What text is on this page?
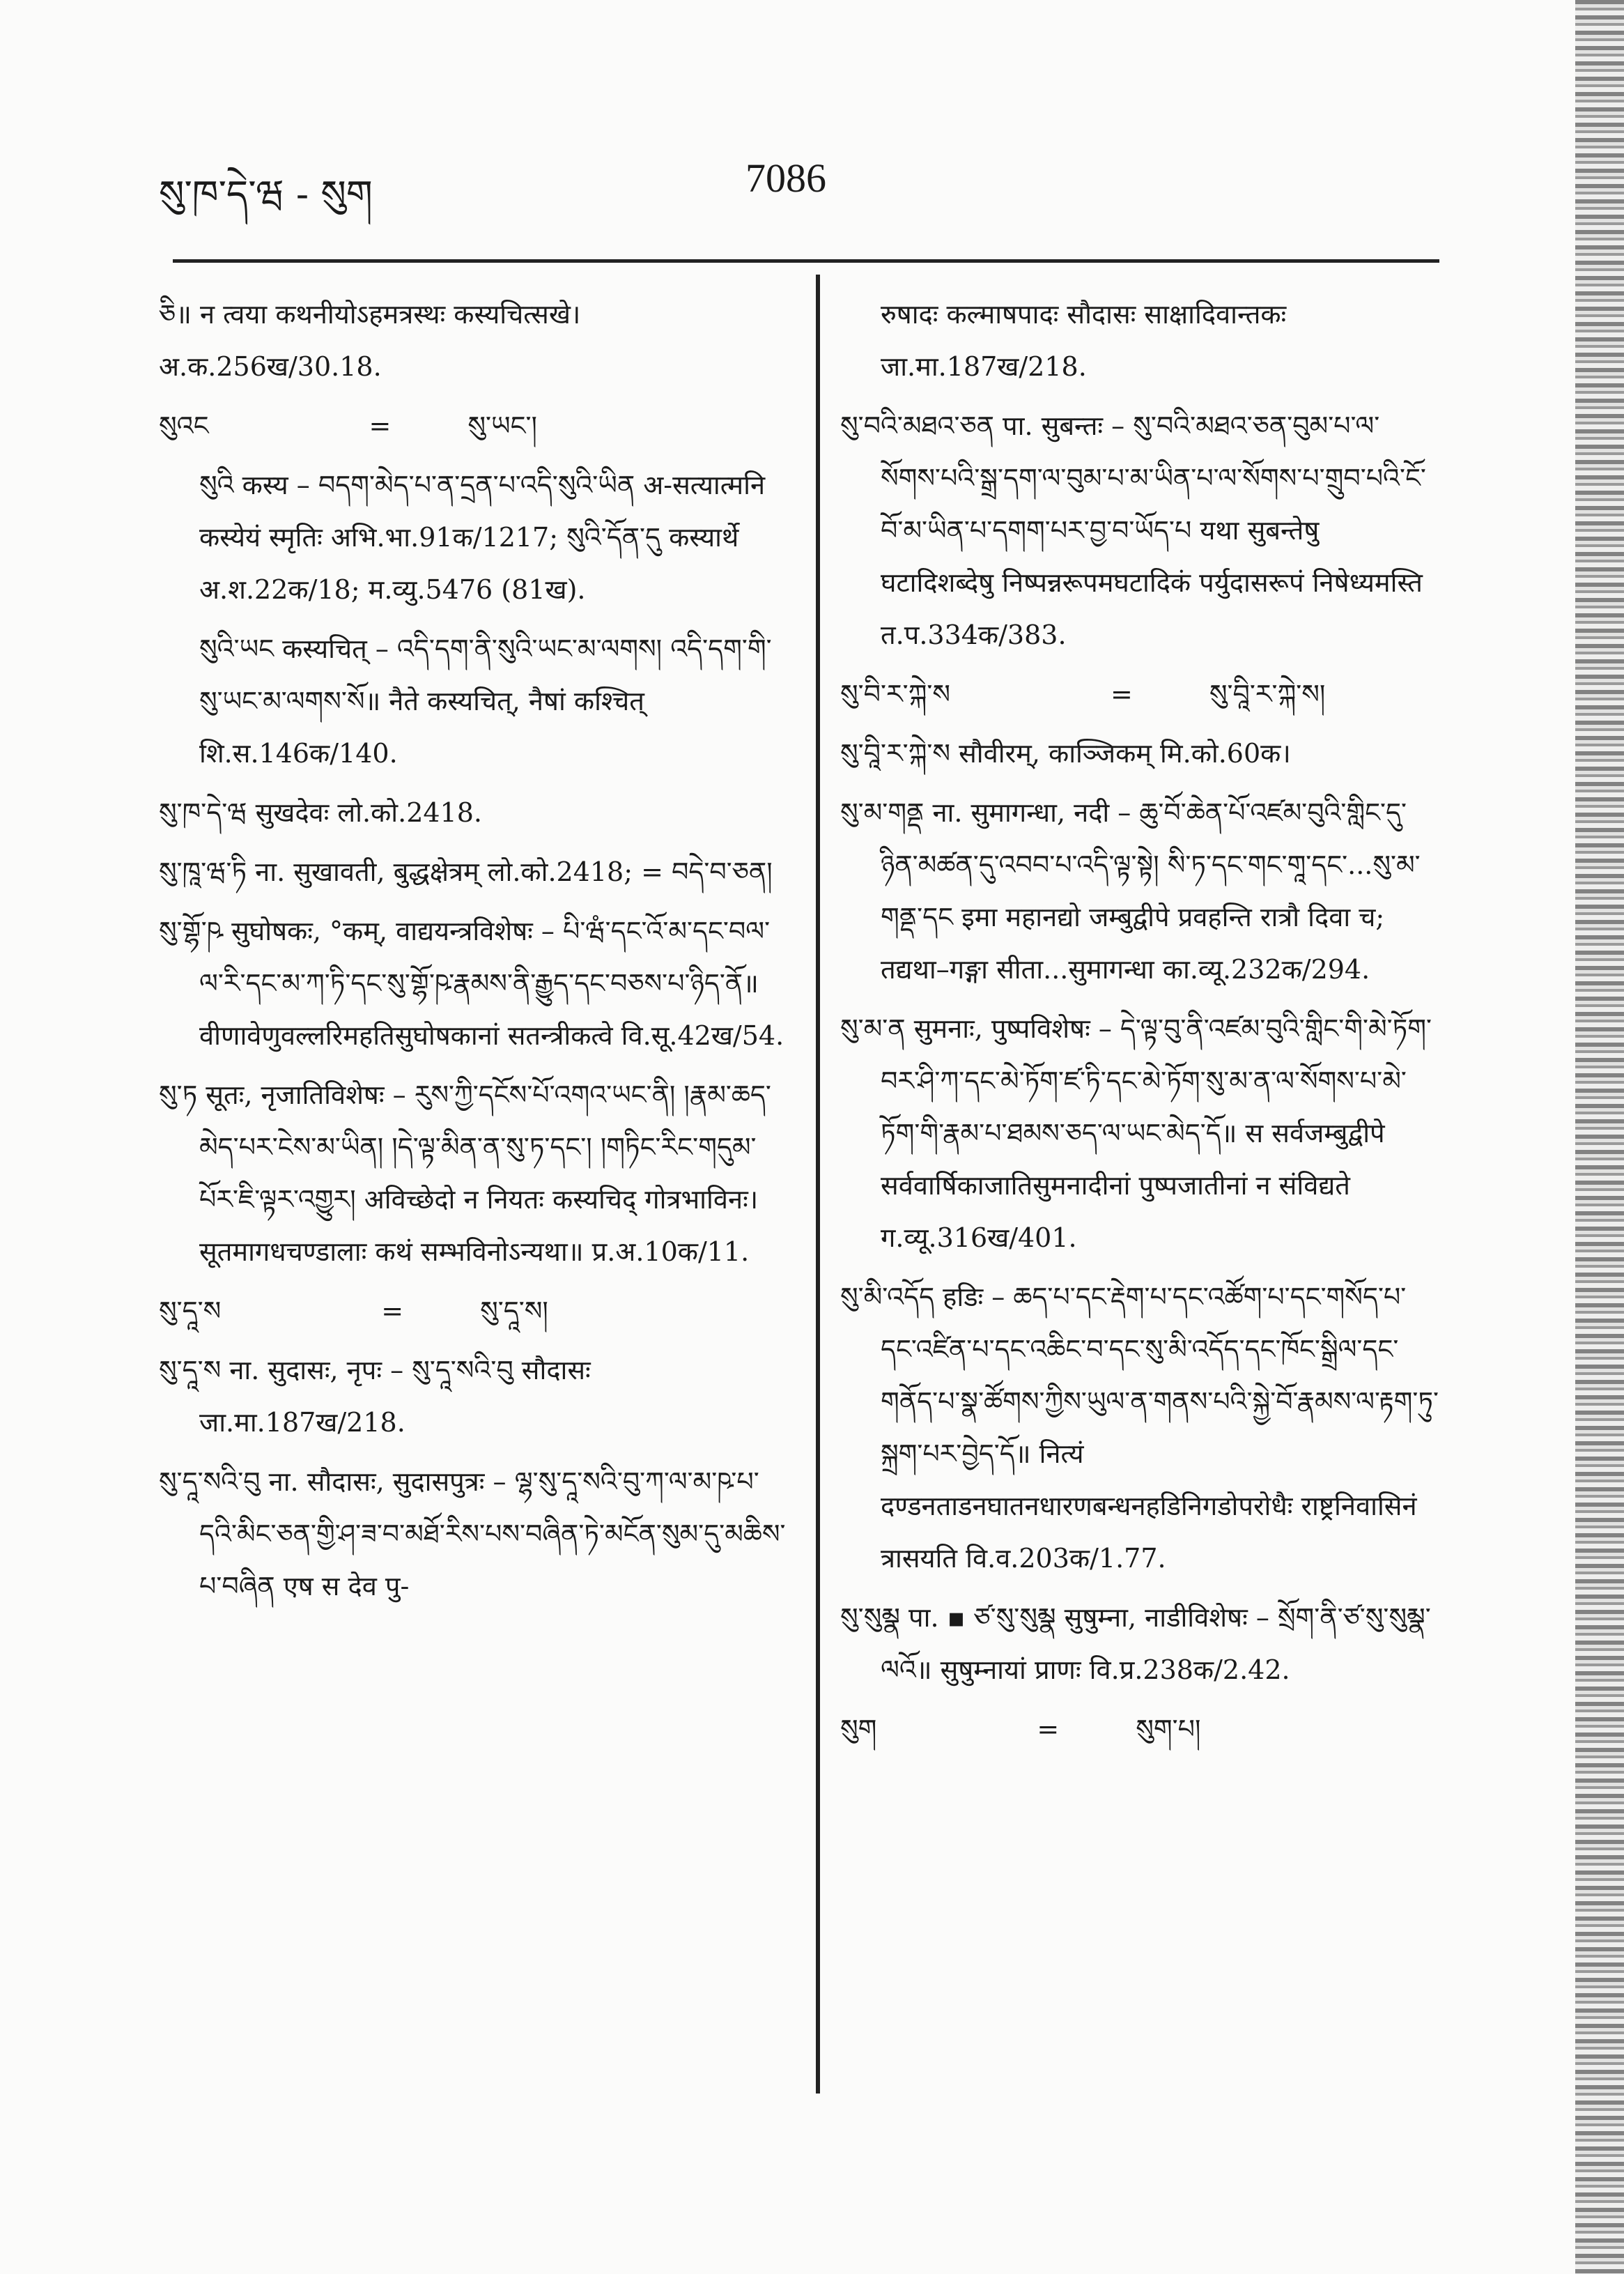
སུ་ཁ་དེ་ཝ - སུག	7086
ཅི॥ न त्वया कथनीयोऽहमत्रस्थः कस्यचित्सखे। अ.क.256ख/30.18.
སུའང	=	སུ་ཡང་།
སུའི कस्य – བདག་མེད་པ་ན་དྲན་པ་འདི་སུའི་ཡིན अ-सत्यात्मनि कस्येयं स्मृतिः अभि.भा.91क/1217; སུའི་དོན་དུ कस्यार्थे अ.श.22क/18; म.व्यु.5476 (81ख).
སུའི་ཡང कस्यचित् – འདི་དག་ནི་སུའི་ཡང་མ་ལགས། འདི་དག་གི་སུ་ཡང་མ་ལགས་སོ॥ नैते कस्यचित्, नैषां कश्चित् शि.स.146क/140.
སུ་ཁ་དེ་ཝ सुखदेवः लो.को.2418.
སུ་ཁཱ་ཝ་ཏི ना. सुखावती, बुद्धक्षेत्रम् लो.को.2418; = བདེ་བ་ཅན།
སུ་གྷོ་ཥ सुघोषकः, °कम्, वाद्ययन्त्रविशेषः – པི་ཝཾ་དང་འོ་མ་དང་བལ་ལ་རི་དང་མ་ཀ་ཏི་དང་སུ་གྷོ་ཥ་རྣམས་ནི་རྒྱུད་དང་བཅས་པ་ཉིད་ནོ॥ वीणावेणुवल्लरिमहतिसुघोषकानां सतन्त्रीकत्वे वि.सू.42ख/54.
སུ་ཏ सूतः, नृजातिविशेषः – རུས་ཀྱི་དངོས་པོ་འགའ་ཡང་ནི། །རྣམ་ཆད་མེད་པར་ངེས་མ་ཡིན། །དེ་ལྟ་མིན་ན་སུ་ཏ་དང་། །གཏིང་རིང་གདུམ་པོར་ཇི་ལྟར་འགྱུར། अविच्छेदो न नियतः कस्यचिद् गोत्रभाविनः। सूतमागधचण्डालाः कथं सम्भविनोऽन्यथा॥ प्र.अ.10क/11.
སུ་དཱ་ས	=	སུ་དཱ་ས།
སུ་དཱ་ས ना. सुदासः, नृपः – སུ་དཱ་སའི་བུ सौदासः जा.मा.187ख/218.
སུ་དཱ་སའི་བུ ना. सौदासः, सुदासपुत्रः – ལྷ་སུ་དཱ་སའི་བུ་ཀ་ལ་མ་ཥ་པ་དའི་མིང་ཅན་གྱི་ཤ་ཟ་བ་མཐོ་རིས་པས་བཞིན་ཏེ་མངོན་སུམ་དུ་མཆིས་པ་བཞིན एष स देव पु-
रुषादः कल्माषपादः सौदासः साक्षादिवान्तकः जा.मा.187ख/218.
སུ་བའི་མཐའ་ཅན पा. सुबन्तः – སུ་བའི་མཐའ་ཅན་བུམ་པ་ལ་སོགས་པའི་སྒྲ་དག་ལ་བུམ་པ་མ་ཡིན་པ་ལ་སོགས་པ་གྲུབ་པའི་ངོ་བོ་མ་ཡིན་པ་དགག་པར་བྱ་བ་ཡོད་པ यथा सुबन्तेषु घटादिशब्देषु निष्पन्नरूपमघटादिकं पर्युदासरूपं निषेध्यमस्ति त.प.334क/383.
སུ་བི་ར་ཀྐེ་ས	=	སུ་བཱི་ར་ཀྐེ་ས།
སུ་བཱི་ར་ཀྐེ་ས सौवीरम्, काञ्जिकम् मि.को.60क।
སུ་མ་གནྡ ना. सुमागन्धा, नदी – ཆུ་བོ་ཆེན་པོ་འཛམ་བུའི་གླིང་དུ་ཉིན་མཚན་དུ་འབབ་པ་འདི་ལྟ་སྟེ། སི་ཏ་དང་གང་གཱ་དང་...སུ་མ་གནྡ་དང इमा महानद्यो जम्बुद्वीपे प्रवहन्ति रात्रौ दिवा च; तद्यथा–गङ्गा सीता...सुमागन्धा का.व्यू.232क/294.
སུ་མ་ན सुमनाः, पुष्पविशेषः – དེ་ལྟ་བུ་ནི་འཛམ་བུའི་གླིང་གི་མེ་ཏོག་བར་ཤི་ཀ་དང་མེ་ཏོག་ཛ་ཏི་དང་མེ་ཏོག་སུ་མ་ན་ལ་སོགས་པ་མེ་ཏོག་གི་རྣམ་པ་ཐམས་ཅད་ལ་ཡང་མེད་དོ॥ स सर्वजम्बुद्वीपे सर्ववार्षिकाजातिसुमनादीनां पुष्पजातीनां न संविद्यते ग.व्यू.316ख/401.
སུ་མི་འདོད हडिः – ཆད་པ་དང་རྡེག་པ་དང་འཚོག་པ་དང་གསོད་པ་དང་འཛིན་པ་དང་འཆིང་བ་དང་སུ་མི་འདོད་དང་ཁོང་སྒྲིལ་དང་གནོད་པ་སྣ་ཚོགས་ཀྱིས་ཡུལ་ན་གནས་པའི་སྐྱེ་བོ་རྣམས་ལ་རྟག་ཏུ་སྐྲག་པར་བྱེད་དོ॥ नित्यं दण्डनताडनघातनधारणबन्धनहडिनिगडोपरोधैः राष्ट्रनिवासिनं त्रासयति वि.व.203क/1.77.
སུ་སུམྣ पा. ▪ ཙ་སུ་སུམྣ सुषुम्ना, नाडीविशेषः – སྲོག་ནི་ཙ་སུ་སུམྣ་ལའོ॥ सुषुम्नायां प्राणः वि.प्र.238क/2.42.
སུག	=	སུག་པ།
